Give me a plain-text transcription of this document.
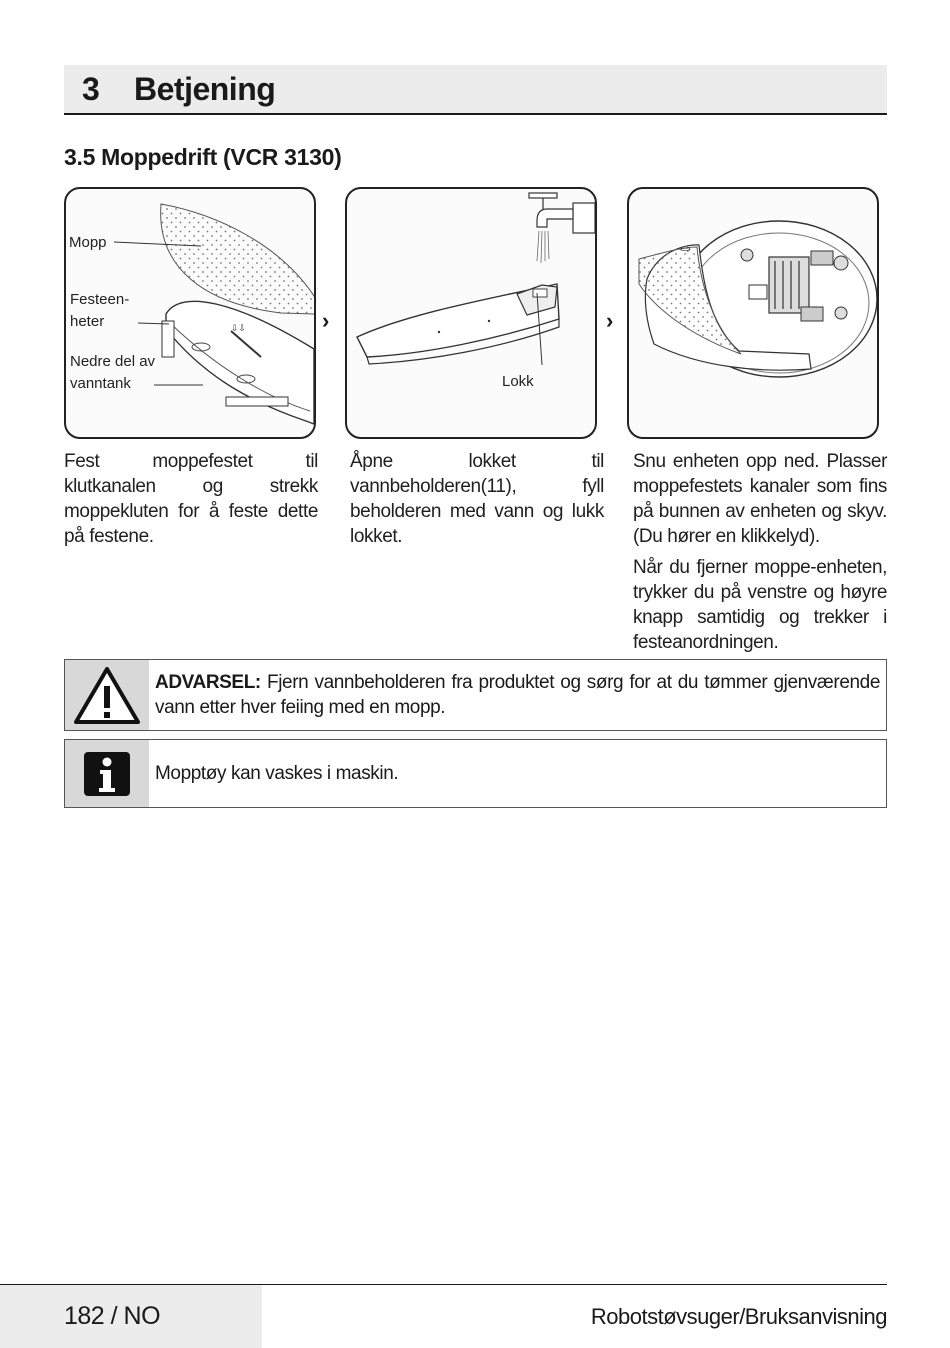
3 Betjening
3.5 Moppedrift (VCR 3130)
⇩⇩
Mopp
Festeen-
heter
Nedre del av
vanntank
›
Lokk
›
⇨

Fest moppefestet til klutkanalen og strekk moppekluten for å feste dette på festene.

Åpne lokket til vannbeholderen(11), fyll beholderen med vann og lukk lokket.

Snu enheten opp ned. Plasser moppefestets kanaler som fins på bunnen av enheten og skyv. (Du hører en klikkelyd).

Når du fjerner moppe-enheten, trykker du på venstre og høyre knapp samtidig og trekker i festeanordningen.

ADVARSEL: Fjern vannbeholderen fra produktet og sørg for at du tømmer gjenværende vann etter hver feiing med en mopp.
Mopptøy kan vaskes i maskin.
182 / NO	Robotstøvsuger/Bruksanvisning
